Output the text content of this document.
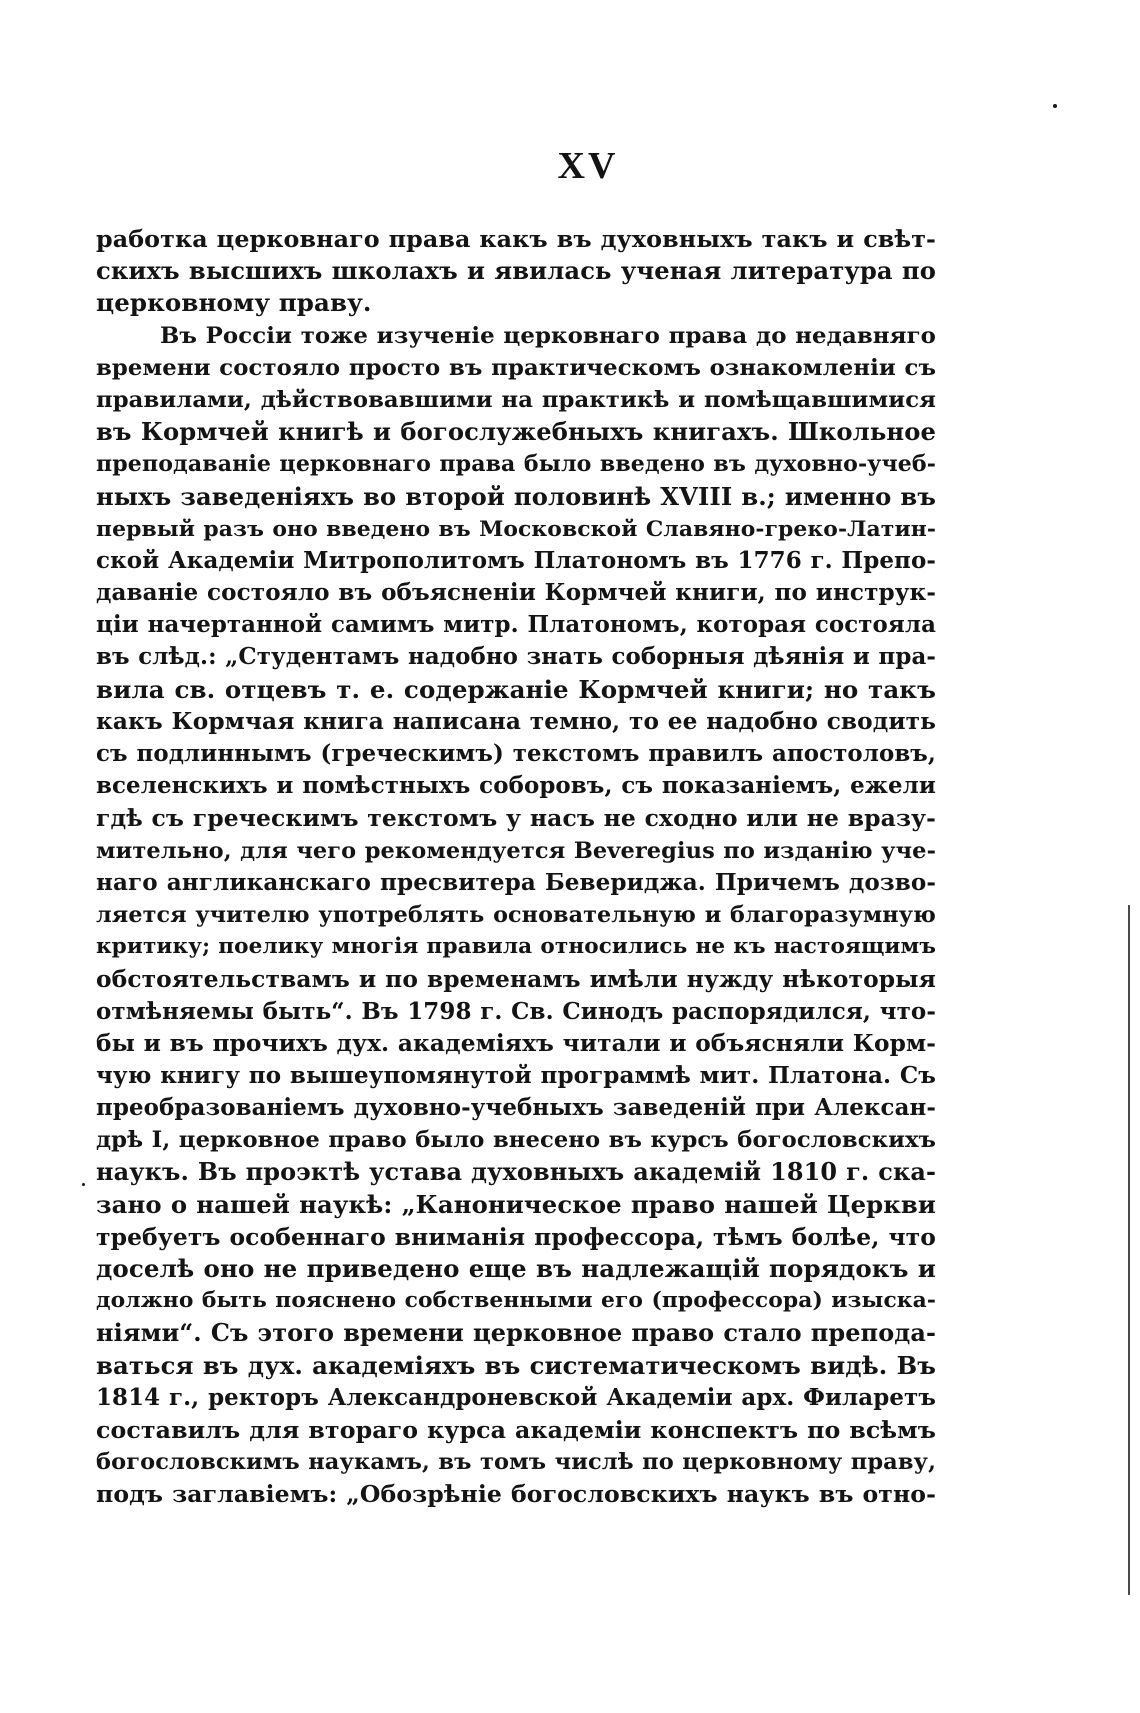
XV
работка церковнаго права какъ въ духовныхъ такъ и свѣт-
скихъ высшихъ школахъ и явилась ученая литература по
церковному праву.
Въ Россіи тоже изученіе церковнаго права до недавняго
времени состояло просто въ практическомъ ознакомленіи съ
правилами, дѣйствовавшими на практикѣ и помѣщавшимися
въ Кормчей книгѣ и богослужебныхъ книгахъ. Школьное
преподаваніе церковнаго права было введено въ духовно-учеб-
ныхъ заведеніяхъ во второй половинѣ XVIII в.; именно въ
первый разъ оно введено въ Московской Славяно-греко-Латин-
ской Академіи Митрополитомъ Платономъ въ 1776 г. Препо-
даваніе состояло въ объясненіи Кормчей книги, по инструк-
ціи начертанной самимъ митр. Платономъ, которая состояла
въ слѣд.: „Студентамъ надобно знать соборныя дѣянія и пра-
вила св. отцевъ т. е. содержаніе Кормчей книги; но такъ
какъ Кормчая книга написана темно, то ее надобно сводить
съ подлиннымъ (греческимъ) текстомъ правилъ апостоловъ,
вселенскихъ и помѣстныхъ соборовъ, съ показаніемъ, ежели
гдѣ съ греческимъ текстомъ у насъ не сходно или не вразу-
мительно, для чего рекомендуется Beveregius по изданію уче-
наго англиканскаго пресвитера Бевериджа. Причемъ дозво-
ляется учителю употреблять основательную и благоразумную
критику; поелику многія правила относились не къ настоящимъ
обстоятельствамъ и по временамъ имѣли нужду нѣкоторыя
отмѣняемы быть“. Въ 1798 г. Св. Синодъ распорядился, что-
бы и въ прочихъ дух. академіяхъ читали и объясняли Корм-
чую книгу по вышеупомянутой программѣ мит. Платона. Съ
преобразованіемъ духовно-учебныхъ заведеній при Алексан-
дрѣ I, церковное право было внесено въ курсъ богословскихъ
наукъ. Въ проэктѣ устава духовныхъ академій 1810 г. ска-
зано о нашей наукѣ: „Каноническое право нашей Церкви
требуетъ особеннаго вниманія профессора, тѣмъ болѣе, что
доселѣ оно не приведено еще въ надлежащій порядокъ и
должно быть пояснено собственными его (профессора) изыска-
ніями“. Съ этого времени церковное право стало препода-
ваться въ дух. академіяхъ въ систематическомъ видѣ. Въ
1814 г., ректоръ Александроневской Академіи арх. Филаретъ
составилъ для втораго курса академіи конспектъ по всѣмъ
богословскимъ наукамъ, въ томъ числѣ по церковному праву,
подъ заглавіемъ: „Обозрѣніе богословскихъ наукъ въ отно-
